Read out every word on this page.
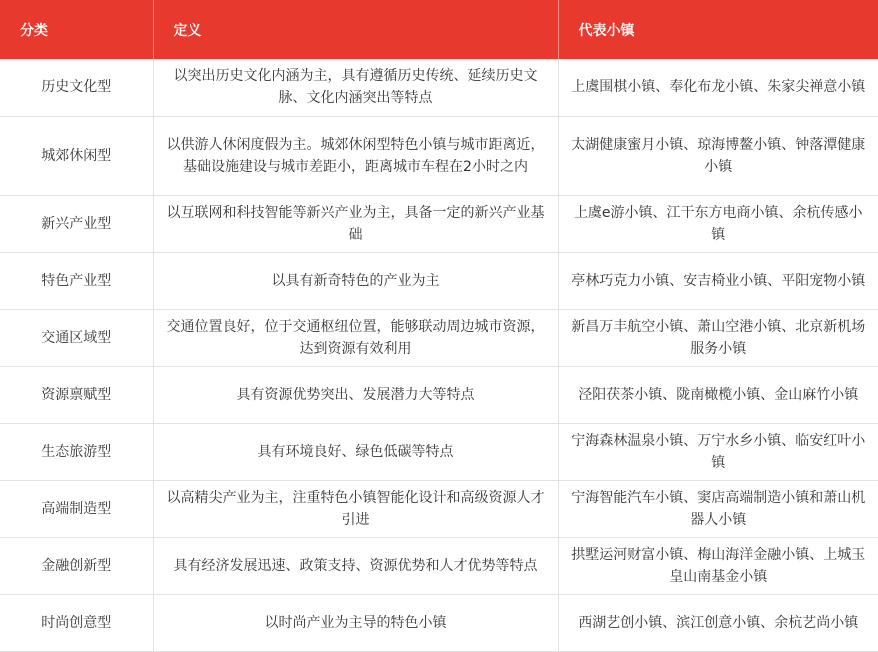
分类	定义	代表小镇
历史文化型	以突出历史文化内涵为主，具有遵循历史传统、延续历史文脉、文化内涵突出等特点	上虞围棋小镇、奉化布龙小镇、朱家尖禅意小镇
城郊休闲型	以供游人休闲度假为主。城郊休闲型特色小镇与城市距离近，基础设施建设与城市差距小，距离城市车程在2小时之内	太湖健康蜜月小镇、琼海博鳌小镇、钟落潭健康小镇
新兴产业型	以互联网和科技智能等新兴产业为主，具备一定的新兴产业基础	上虞e游小镇、江干东方电商小镇、余杭传感小镇
特色产业型	以具有新奇特色的产业为主	亭林巧克力小镇、安吉椅业小镇、平阳宠物小镇
交通区域型	交通位置良好，位于交通枢纽位置，能够联动周边城市资源，达到资源有效利用	新昌万丰航空小镇、萧山空港小镇、北京新机场服务小镇
资源禀赋型	具有资源优势突出、发展潜力大等特点	泾阳茯茶小镇、陇南橄榄小镇、金山麻竹小镇
生态旅游型	具有环境良好、绿色低碳等特点	宁海森林温泉小镇、万宁水乡小镇、临安红叶小镇
高端制造型	以高精尖产业为主，注重特色小镇智能化设计和高级资源人才引进	宁海智能汽车小镇、窦店高端制造小镇和萧山机器人小镇
金融创新型	具有经济发展迅速、政策支持、资源优势和人才优势等特点	拱墅运河财富小镇、梅山海洋金融小镇、上城玉皇山南基金小镇
时尚创意型	以时尚产业为主导的特色小镇	西湖艺创小镇、滨江创意小镇、余杭艺尚小镇
